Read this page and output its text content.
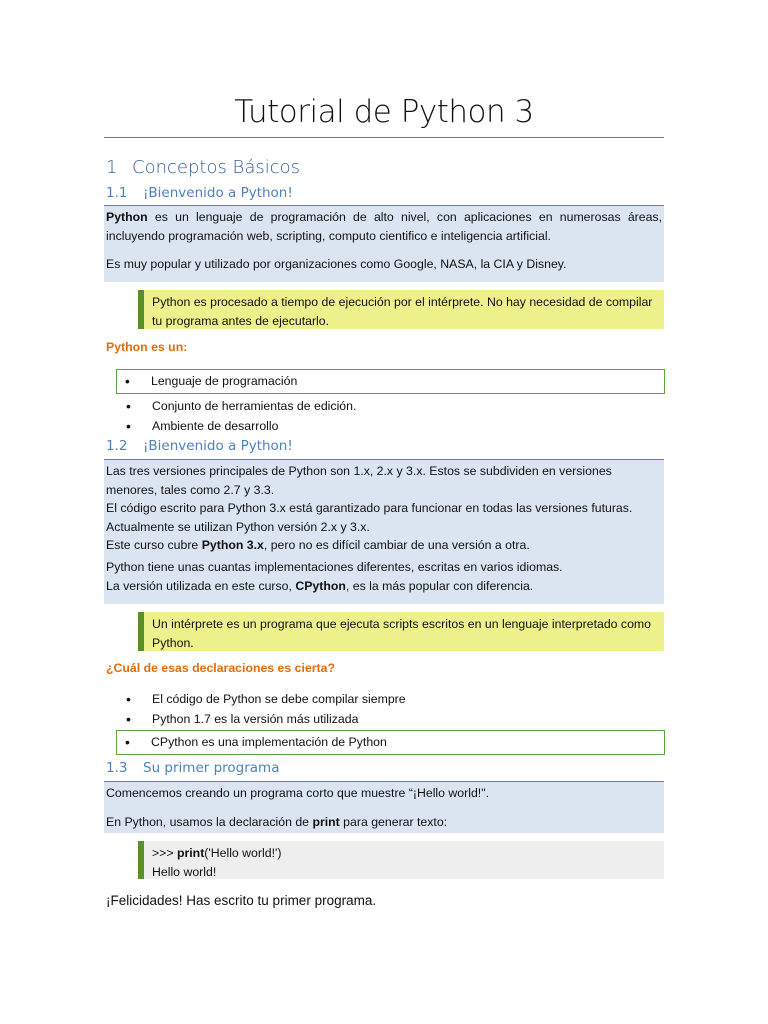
Tutorial de Python 3
1 Conceptos Básicos
1.1 ¡Bienvenido a Python!

Python es un lenguaje de programación de alto nivel, con aplicaciones en numerosas áreas, incluyendo programación web, scripting, computo cientifico e inteligencia artificial.

Es muy popular y utilizado por organizaciones como Google, NASA, la CIA y Disney.

Python es procesado a tiempo de ejecución por el intérprete. No hay necesidad de compilar tu programa antes de ejecutarlo.
Python es un:
• Lenguaje de programación
• Conjunto de herramientas de edición.
• Ambiente de desarrollo
1.2 ¡Bienvenido a Python!

Las tres versiones principales de Python son 1.x, 2.x y 3.x. Estos se subdividen en versiones menores, tales como 2.7 y 3.3.

El código escrito para Python 3.x está garantizado para funcionar en todas las versiones futuras.

Actualmente se utilizan Python versión 2.x y 3.x.

Este curso cubre Python 3.x, pero no es difícil cambiar de una versión a otra.

Python tiene unas cuantas implementaciones diferentes, escritas en varios idiomas.

La versión utilizada en este curso, CPython, es la más popular con diferencia.

Un intérprete es un programa que ejecuta scripts escritos en un lenguaje interpretado como Python.
¿Cuál de esas declaraciones es cierta?
• El código de Python se debe compilar siempre
• Python 1.7 es la versión más utilizada
• CPython es una implementación de Python
1.3 Su primer programa

Comencemos creando un programa corto que muestre “¡Hello world!".

En Python, usamos la declaración de print para generar texto:

>>> print('Hello world!')
Hello world!
¡Felicidades! Has escrito tu primer programa.
